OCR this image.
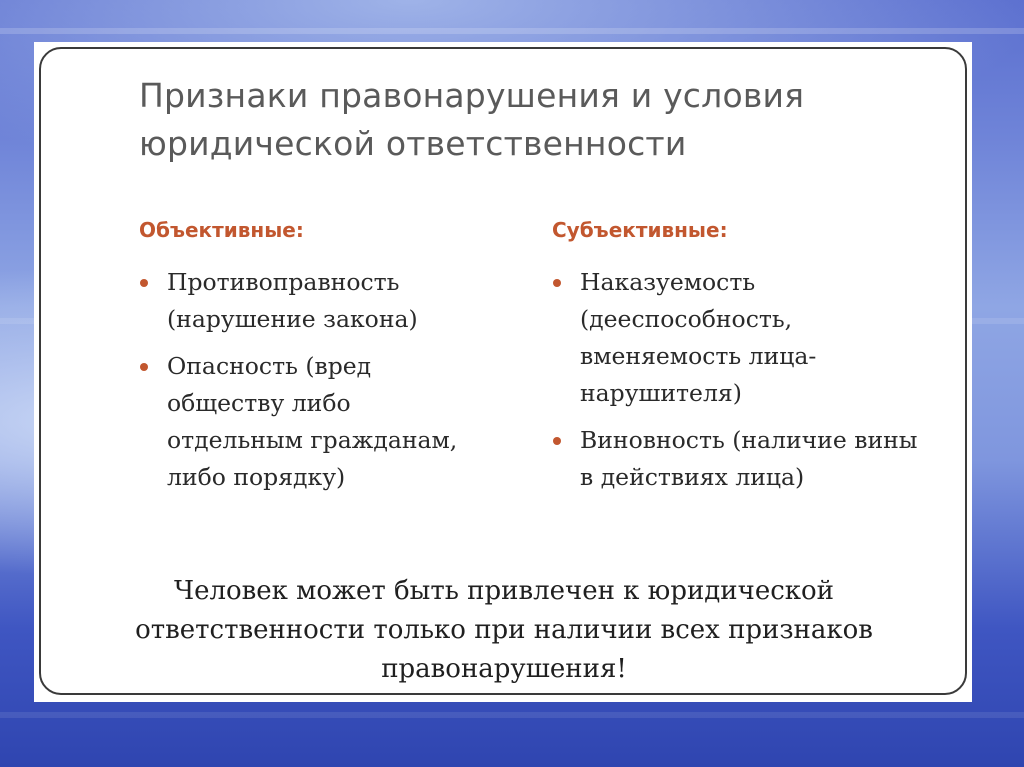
Признаки правонарушения и условия юридической ответственности
Объективные:	Субъективные:
Противоправность (нарушение закона)
Опасность (вред обществу либо отдельным гражданам, либо порядку)
Наказуемость (дееспособность, вменяемость лица-нарушителя)
Виновность (наличие вины в действиях лица)
Человек может быть привлечен к юридической ответственности только при наличии всех признаков правонарушения!
